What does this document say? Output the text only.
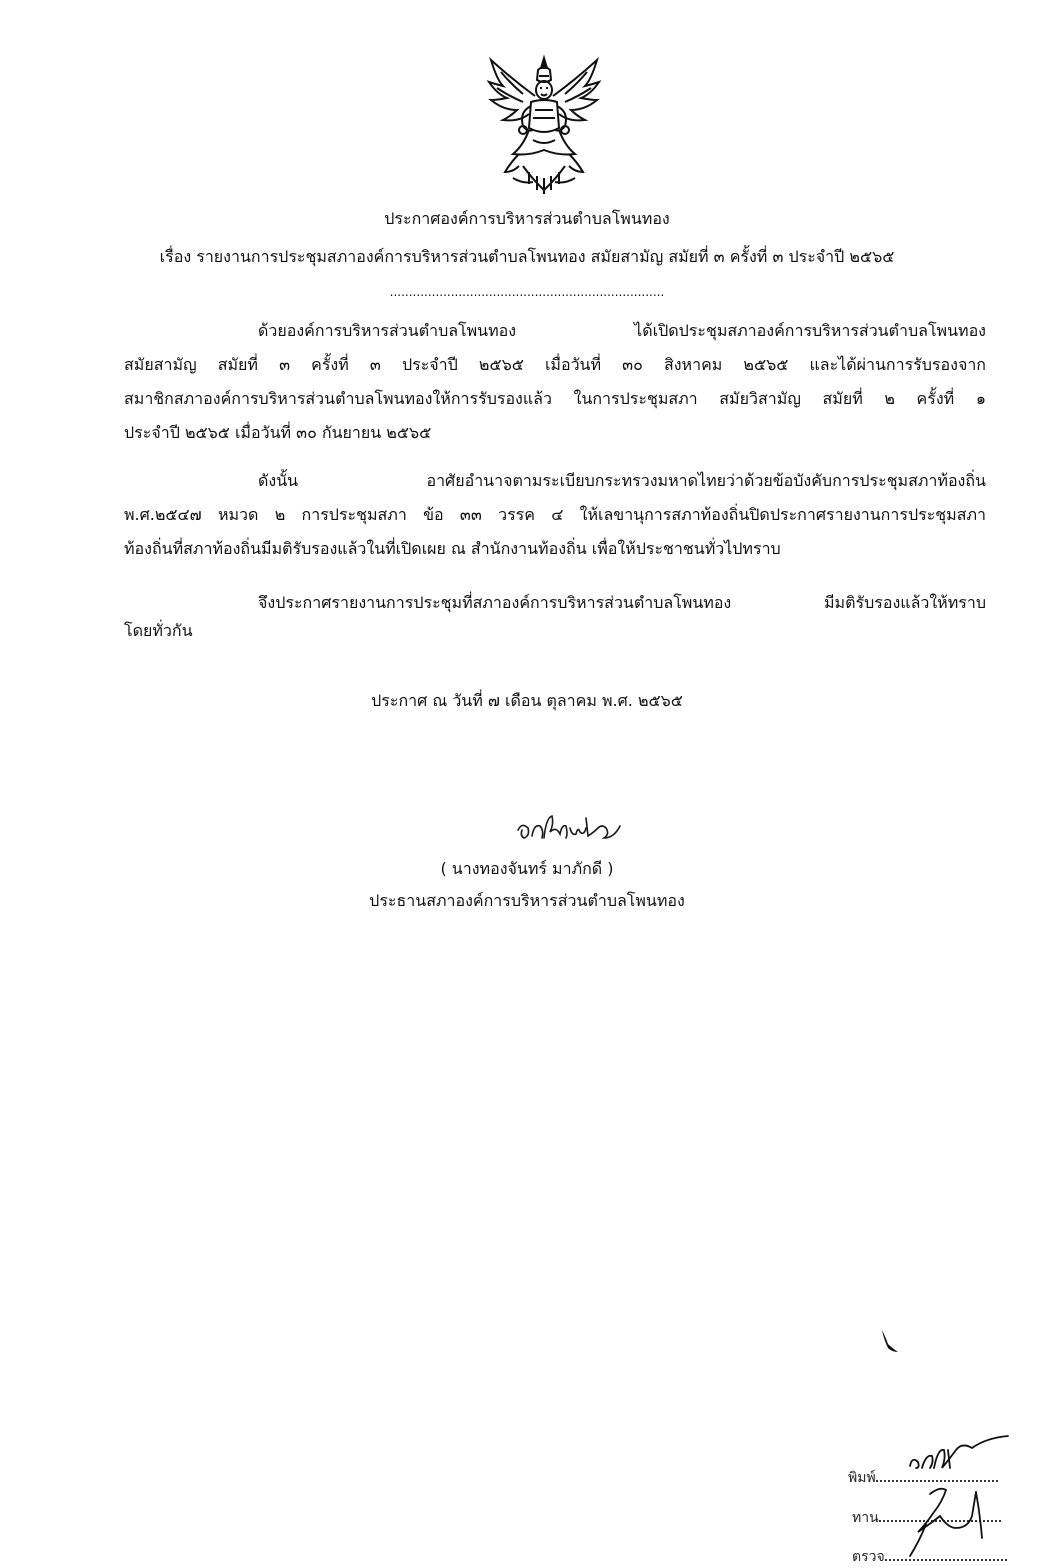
ประกาศองค์การบริหารส่วนตำบลโพนทอง
เรื่อง รายงานการประชุมสภาองค์การบริหารส่วนตำบลโพนทอง สมัยสามัญ สมัยที่ ๓ ครั้งที่ ๓ ประจำปี ๒๕๖๕
........................................................................
ด้วยองค์การบริหารส่วนตำบลโพนทอง ได้เปิดประชุมสภาองค์การบริหารส่วนตำบลโพนทอง
สมัยสามัญ สมัยที่ ๓ ครั้งที่ ๓ ประจำปี ๒๕๖๕ เมื่อวันที่ ๓๐ สิงหาคม ๒๕๖๕ และได้ผ่านการรับรองจาก
สมาชิกสภาองค์การบริหารส่วนตำบลโพนทองให้การรับรองแล้ว ในการประชุมสภา สมัยวิสามัญ สมัยที่ ๒ ครั้งที่ ๑
ประจำปี ๒๕๖๕ เมื่อวันที่ ๓๐ กันยายน ๒๕๖๕
ดังนั้น อาศัยอำนาจตามระเบียบกระทรวงมหาดไทยว่าด้วยข้อบังคับการประชุมสภาท้องถิ่น
พ.ศ.๒๕๔๗ หมวด ๒ การประชุมสภา ข้อ ๓๓ วรรค ๔ ให้เลขานุการสภาท้องถิ่นปิดประกาศรายงานการประชุมสภา
ท้องถิ่นที่สภาท้องถิ่นมีมติรับรองแล้วในที่เปิดเผย ณ สำนักงานท้องถิ่น เพื่อให้ประชาชนทั่วไปทราบ
จึงประกาศรายงานการประชุมที่สภาองค์การบริหารส่วนตำบลโพนทอง มีมติรับรองแล้วให้ทราบ
โดยทั่วกัน
ประกาศ ณ วันที่ ๗ เดือน ตุลาคม พ.ศ. ๒๕๖๕
( นางทองจันทร์ มาภักดี )
ประธานสภาองค์การบริหารส่วนตำบลโพนทอง
พิมพ์
ทาน
ตรวจ
